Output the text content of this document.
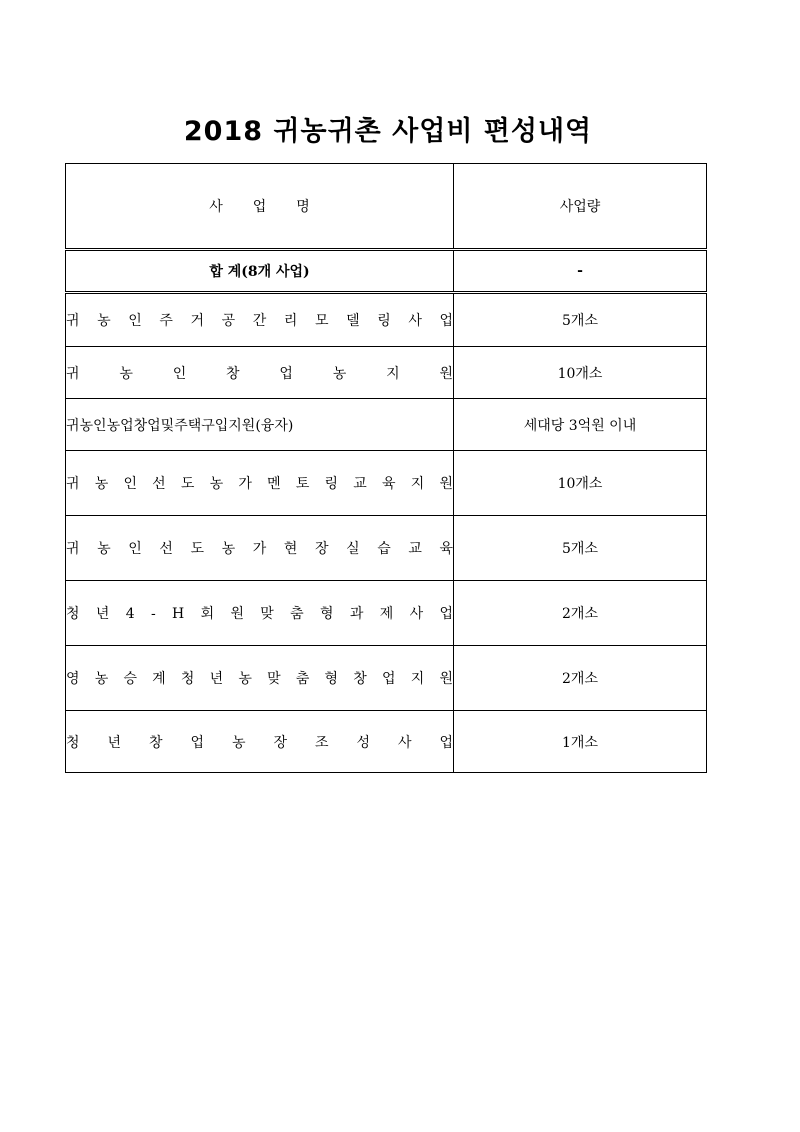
2018 귀농귀촌 사업비 편성내역
사업명	사업량
합 계(8개 사업)	-
귀 농 인 주 거 공 간 리 모 델 링 사 업	5개소
귀 농 인 창 업 농 지 원	10개소
귀농인농업창업및주택구입지원(융자)	세대당 3억원 이내
귀 농 인 선 도 농 가 멘 토 링 교 육 지 원	10개소
귀 농 인 선 도 농 가 현 장 실 습 교 육	5개소
청 년 4 - H 회 원 맞 춤 형 과 제 사 업	2개소
영 농 승 계 청 년 농 맞 춤 형 창 업 지 원	2개소
청 년 창 업 농 장 조 성 사 업	1개소
